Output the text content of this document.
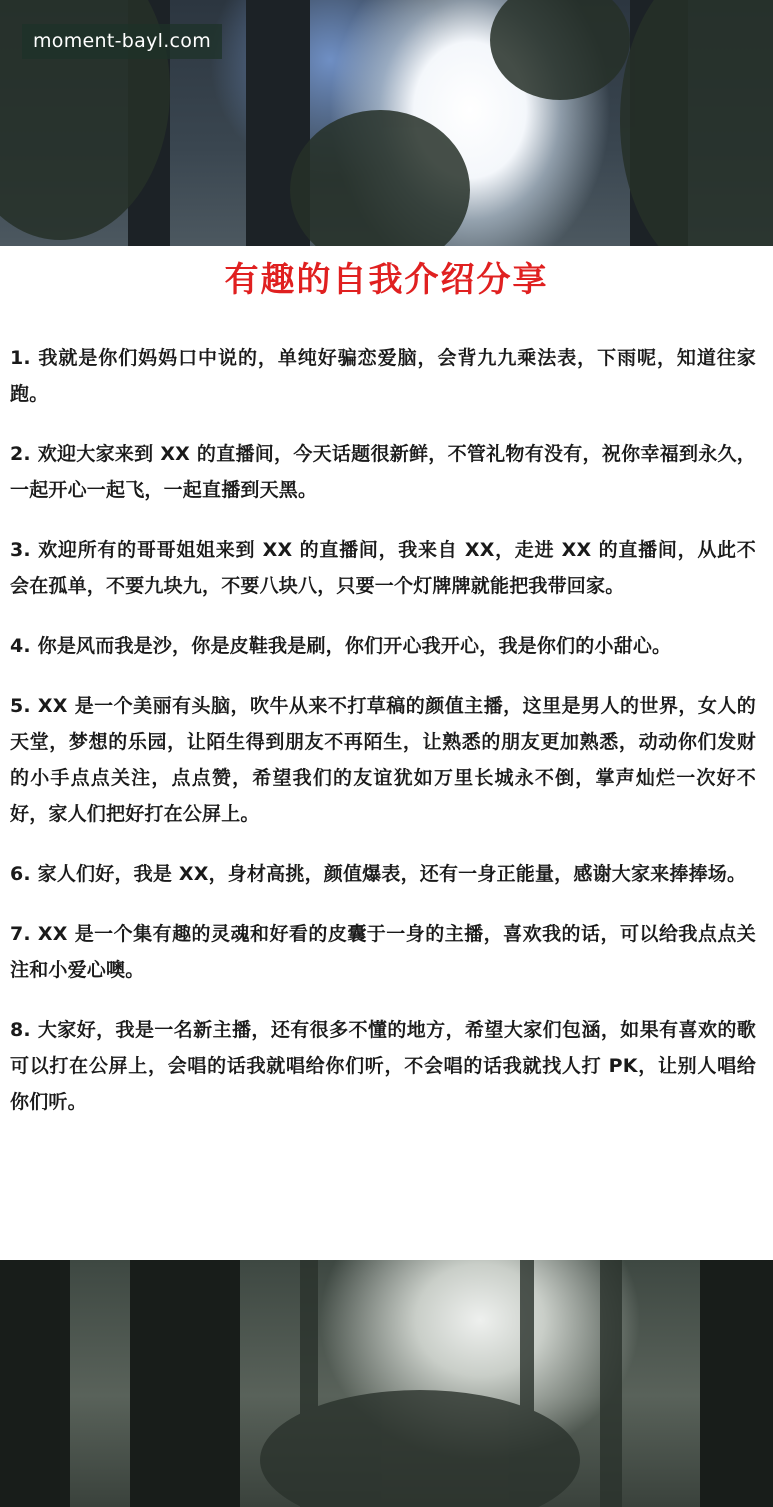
moment-bayl.com
有趣的自我介绍分享
1. 我就是你们妈妈口中说的，单纯好骗恋爱脑，会背九九乘法表，下雨呢，知道往家跑。
2. 欢迎大家来到 XX 的直播间，今天话题很新鲜，不管礼物有没有，祝你幸福到永久，一起开心一起飞，一起直播到天黑。
3. 欢迎所有的哥哥姐姐来到 XX 的直播间，我来自 XX，走进 XX 的直播间，从此不会在孤单，不要九块九，不要八块八，只要一个灯牌牌就能把我带回家。
4. 你是风而我是沙，你是皮鞋我是刷，你们开心我开心，我是你们的小甜心。
5. XX 是一个美丽有头脑，吹牛从来不打草稿的颜值主播，这里是男人的世界，女人的天堂，梦想的乐园，让陌生得到朋友不再陌生，让熟悉的朋友更加熟悉，动动你们发财的小手点点关注，点点赞，希望我们的友谊犹如万里长城永不倒，掌声灿烂一次好不好，家人们把好打在公屏上。
6. 家人们好，我是 XX，身材高挑，颜值爆表，还有一身正能量，感谢大家来捧捧场。
7. XX 是一个集有趣的灵魂和好看的皮囊于一身的主播，喜欢我的话，可以给我点点关注和小爱心噢。
8. 大家好，我是一名新主播，还有很多不懂的地方，希望大家们包涵，如果有喜欢的歌可以打在公屏上，会唱的话我就唱给你们听，不会唱的话我就找人打 PK，让别人唱给你们听。
